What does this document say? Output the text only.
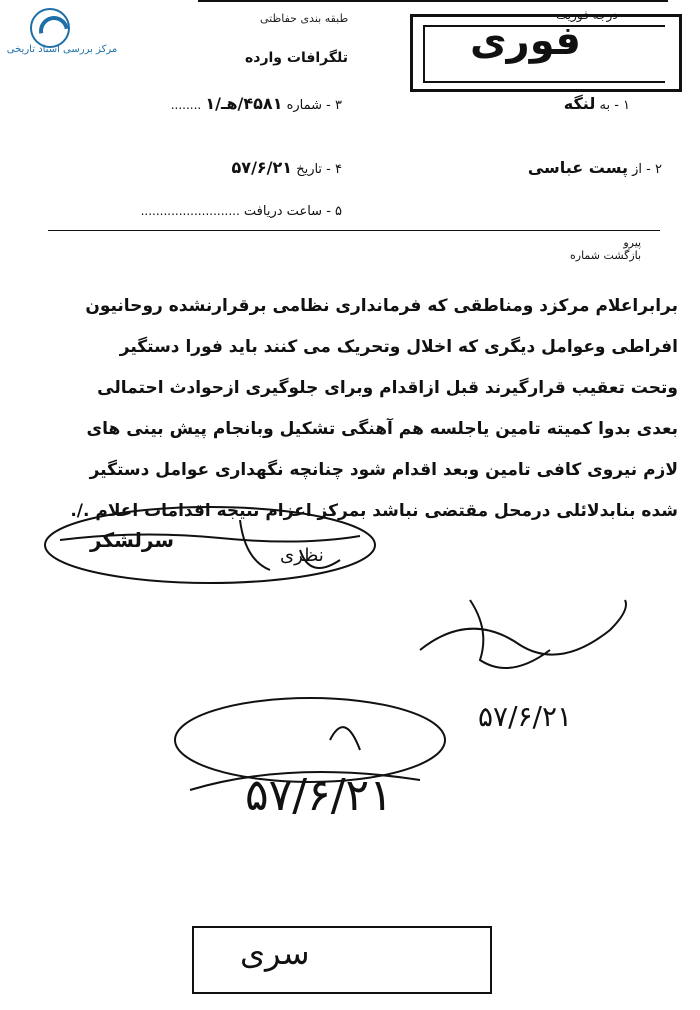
مرکز بررسی اسناد تاریخی
طبقه بندی حفاظتی	درجه فوریت
تلگرافات وارده	فوری
۱ - به لنگه
۳ - شماره ۴۵۸۱/هـ/۱ ........
۲ - از پست عباسی
۴ - تاریخ ۵۷/۶/۲۱
۵ - ساعت دریافت ..........................
پیرو
بازگشت شماره
برابراعلام مرکزد ومناطقی که فرمانداری نظامی برقرارنشده روحانیون
افراطی وعوامل دیگری که اخلال وتحریک می کنند باید فورا دستگیر
وتحت تعقیب قرارگیرند قبل ازاقدام وبرای جلوگیری ازحوادث احتمالی
بعدی بدوا کمیته تامین یاجلسه هم آهنگی تشکیل وبانجام پیش بینی های
لازم نیروی کافی تامین وبعد اقدام شود چنانچه نگهداری عوامل دستگیر
شده بنابدلائلی درمحل مقتضی نباشد بمرکز اعزام نتیجه اقدامات اعلام ./.
سرلشکر
نظری
۵۷/۶/۲۱
۵۷/۶/۲۱
سری
